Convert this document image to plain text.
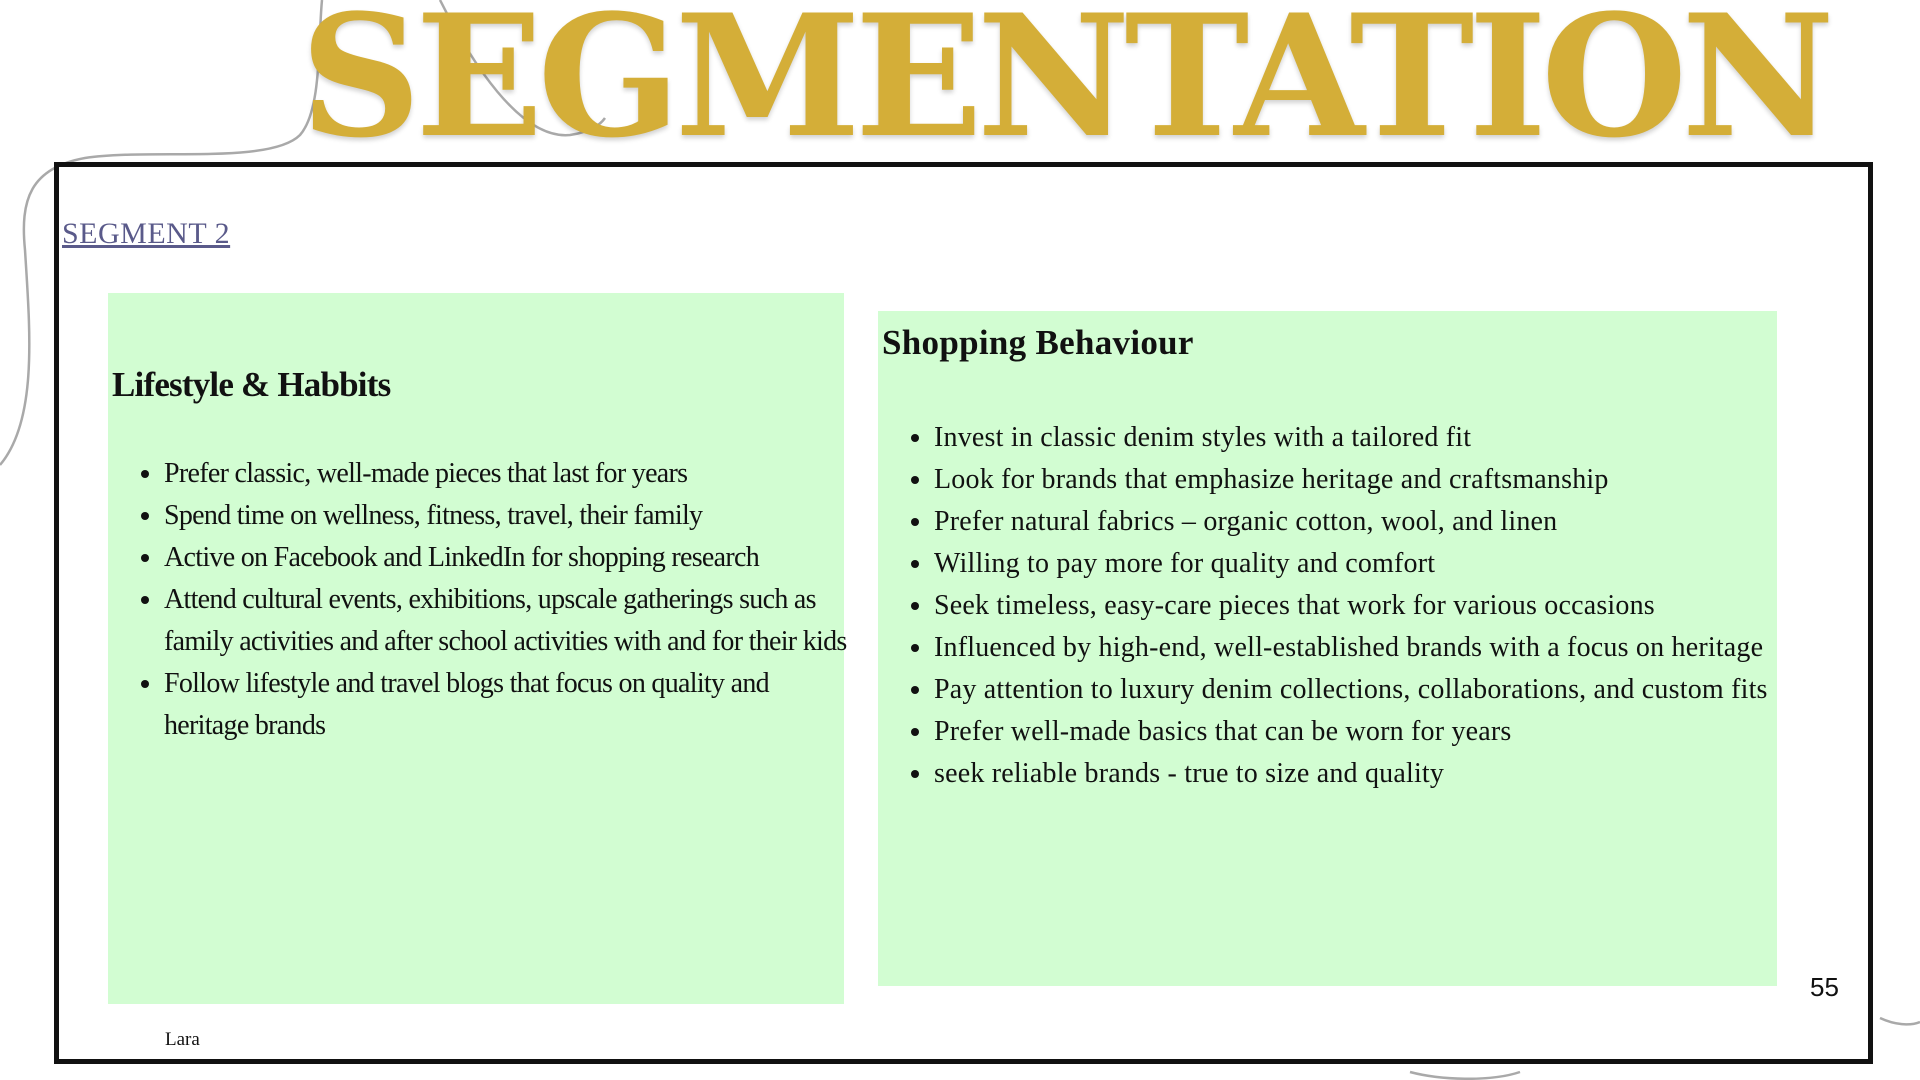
SEGMENTATION
SEGMENT 2
Lifestyle & Habbits
• Prefer classic, well-made pieces that last for years
• Spend time on wellness, fitness, travel, their family
• Active on Facebook and LinkedIn for shopping research
• Attend cultural events, exhibitions, upscale gatherings such as family activities and after school activities with and for their kids
• Follow lifestyle and travel blogs that focus on quality and heritage brands
Shopping Behaviour
• Invest in classic denim styles with a tailored fit
• Look for brands that emphasize heritage and craftsmanship
• Prefer natural fabrics – organic cotton, wool, and linen
• Willing to pay more for quality and comfort
• Seek timeless, easy-care pieces that work for various occasions
• Influenced by high-end, well-established brands with a focus on heritage
• Pay attention to luxury denim collections, collaborations, and custom fits
• Prefer well-made basics that can be worn for years
• seek reliable brands - true to size and quality
55
Lara
